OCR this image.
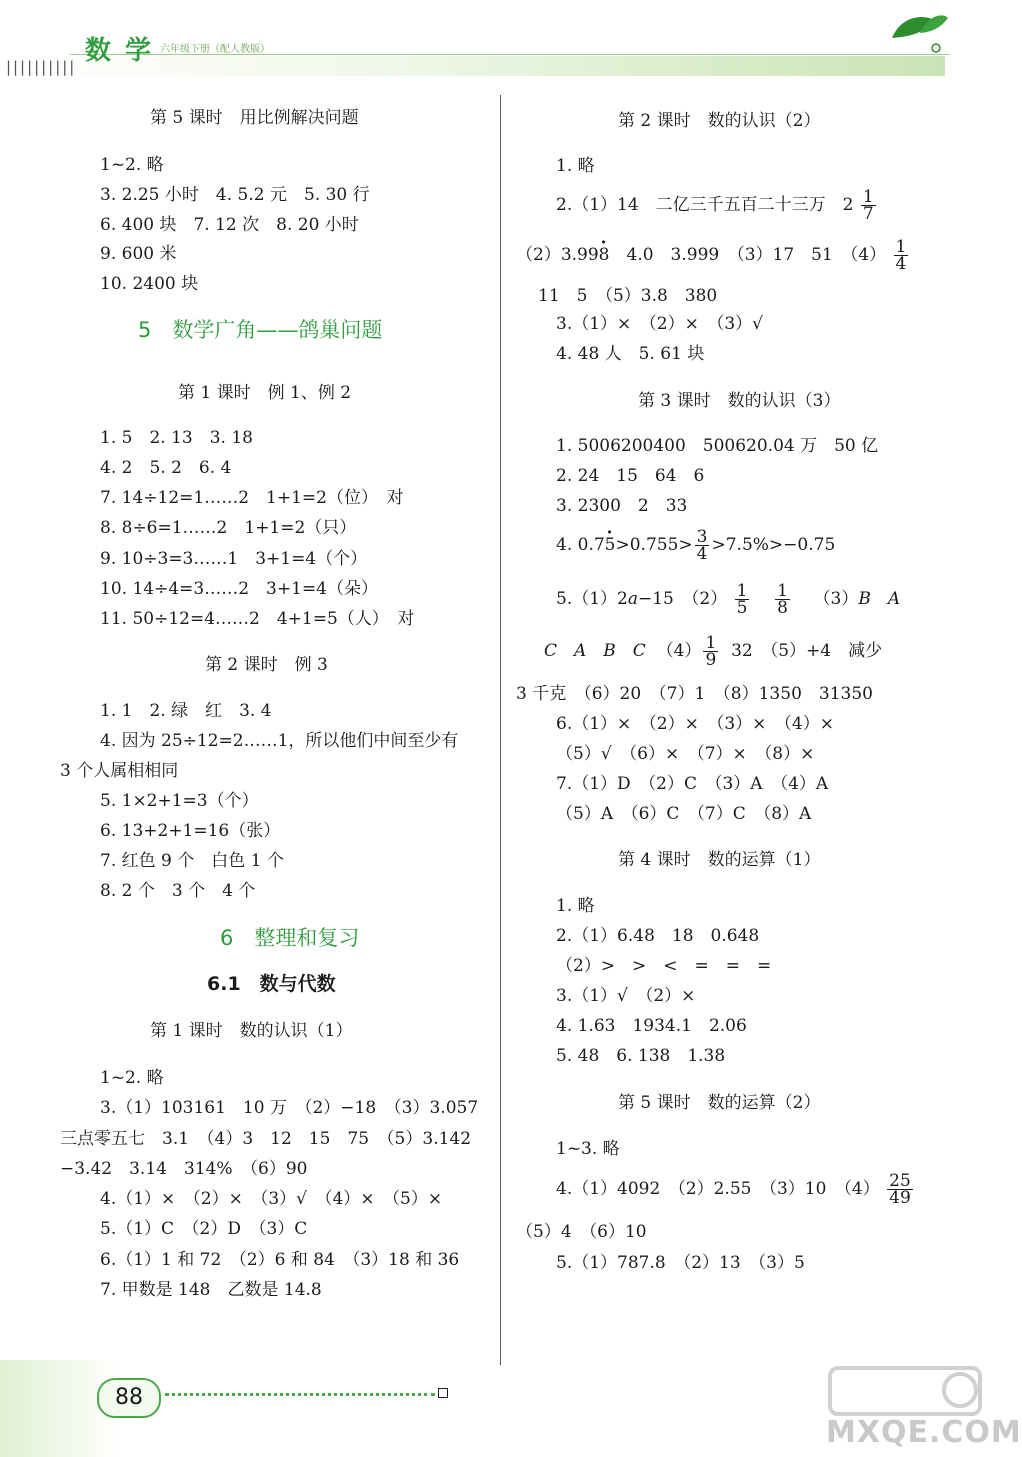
||||||||||
数学
六年级下册（配人教版）
第 5 课时　用比例解决问题
1~2. 略
3. 2.25 小时　4. 5.2 元　5. 30 行
6. 400 块　7. 12 次　8. 20 小时
9. 600 米
10. 2400 块
5　数学广角——鸽巢问题
第 1 课时　例 1、例 2
1. 5　2. 13　3. 18
4. 2　5. 2　6. 4
7. 14÷12=1……2　1+1=2（位）　对
8. 8÷6=1……2　1+1=2（只）
9. 10÷3=3……1　3+1=4（个）
10. 14÷4=3……2　3+1=4（朵）
11. 50÷12=4……2　4+1=5（人）　对
第 2 课时　例 3
1. 1　2. 绿　红　3. 4
4. 因为 25÷12=2……1，所以他们中间至少有
3 个人属相相同
5. 1×2+1=3（个）
6. 13+2+1=16（张）
7. 红色 9 个　白色 1 个
8. 2 个　3 个　4 个
6　整理和复习
6.1　数与代数
第 1 课时　数的认识（1）
1~2. 略
3.（1）103161　10 万　（2）−18　（3）3.057
三点零五七　3.1　（4）3　12　15　75　（5）3.142
−3.42　3.14　314%　（6）90
4.（1）×　（2）×　（3）√　（4）×　（5）×
5.（1）C　（2）D　（3）C
6.（1）1 和 72　（2）6 和 84　（3）18 和 36
7. 甲数是 148　乙数是 14.8
第 2 课时　数的认识（2）
1. 略
2.（1）14　二亿三千五百二十三万　$2 \frac{1}{7}$
（2）3.998 ·　4.0　3.999　（3）17　51　$(4) \frac{1}{4}$
11　5　（5）3.8　380
3.（1）×　（2）×　（3）√
4. 48 人　5. 61 块
第 3 课时　数的认识（3）
1. 5006200400　500620.04 万　50 亿
2. 24　15　64　6
3. 2300　2　33
4. $0.75 \cdot>0.755> \frac{3}{4} >7.5\%>-0.75$
5.（1）2a−15　$(2) \frac{1}{5}$
$\frac{1}{8} (3)B$　A
C　A　B　C $(4) \frac{1}{9} 32$　（5）+4　减少
3 千克　（6）20　（7）1　（8）1350　31350
6.（1）×　（2）×　（3）×　（4）×
（5）√　（6）×　（7）×　（8）×
7.（1）D　（2）C　（3）A　（4）A
（5）A　（6）C　（7）C　（8）A
第 4 课时　数的运算（1）
1. 略
2.（1）6.48　18　0.648
（2）>　>　<　=　=　=
3.（1）√　（2）×
4. 1.63　1934.1　2.06
5. 48　6. 138　1.38
第 5 课时　数的运算（2）
1~3. 略
4.（1）4092　（2）2.55　（3）10　$(4) \frac{25}{49}$
（5）4　（6）10
5.（1）787.8　（2）13　（3）5
88
MXQE.COM
